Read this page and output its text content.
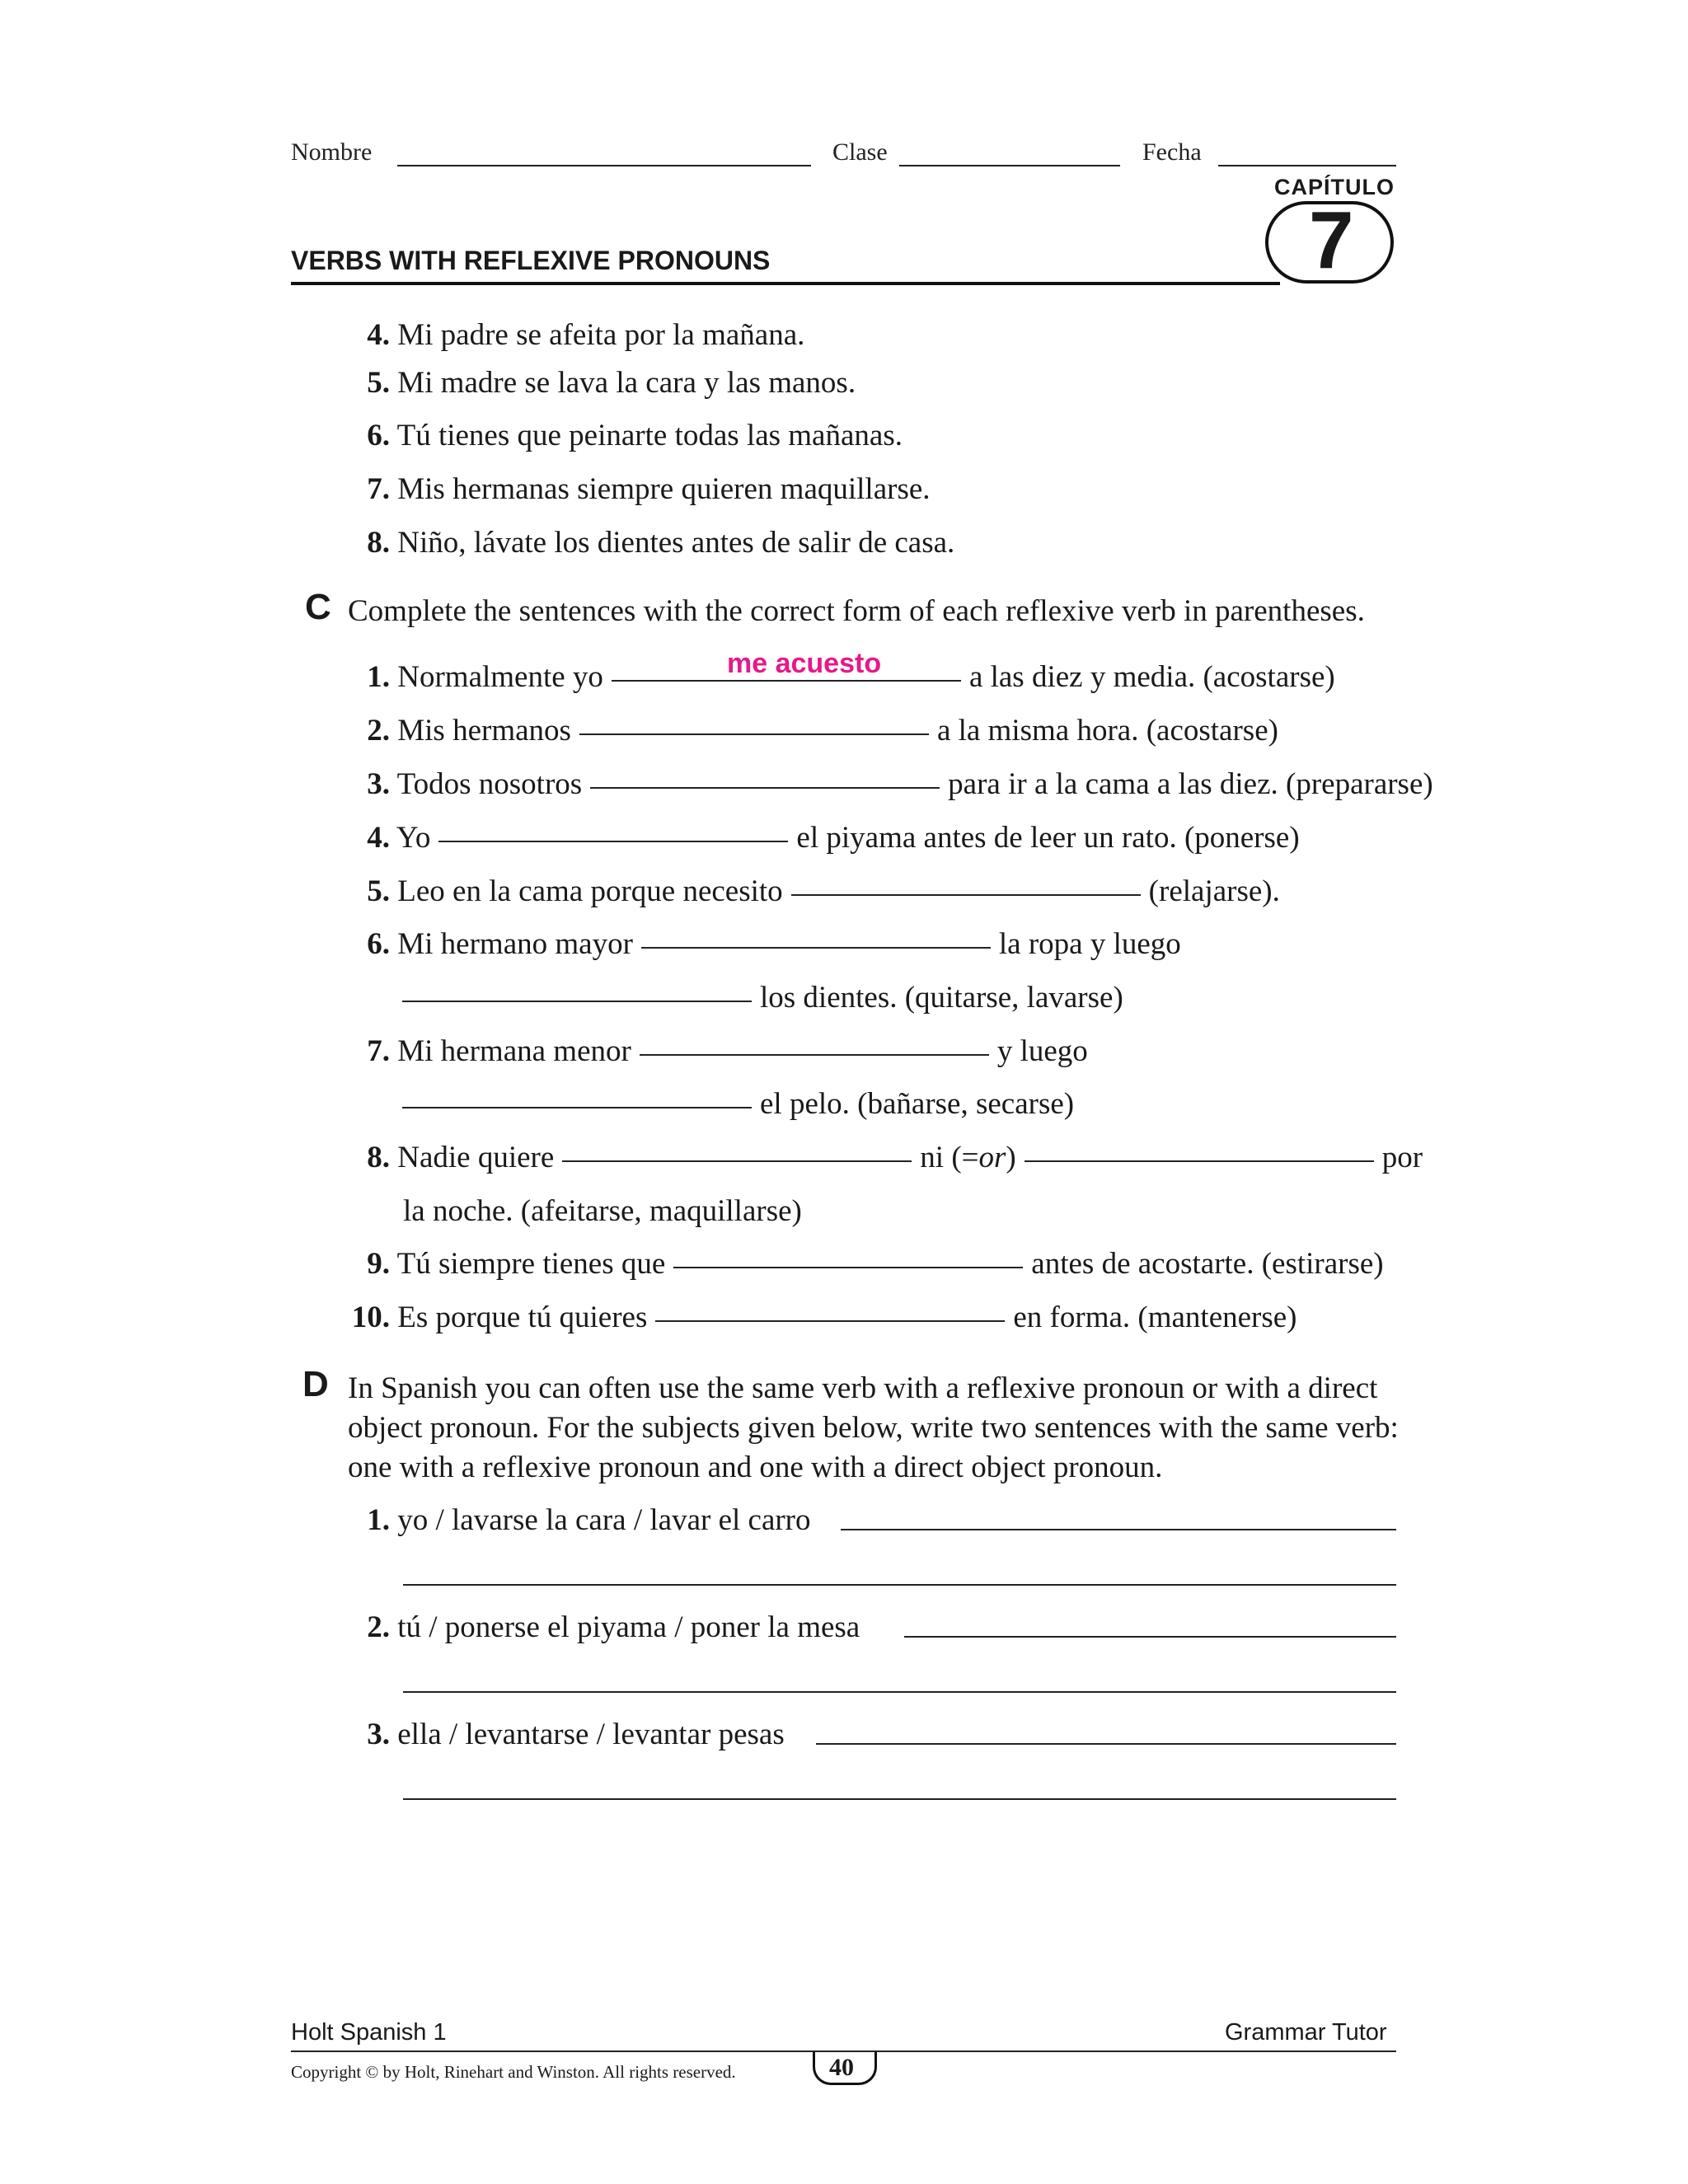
Nombre	Clase	Fecha
CAPÍTULO
7
VERBS WITH REFLEXIVE PRONOUNS
4. Mi padre se afeita por la mañana.
5. Mi madre se lava la cara y las manos.
6. Tú tienes que peinarte todas las mañanas.
7. Mis hermanas siempre quieren maquillarse.
8. Niño, lávate los dientes antes de salir de casa.
C Complete the sentences with the correct form of each reflexive verb in parentheses.
me acuesto
1. Normalmente yo	a las diez y media. (acostarse)
2. Mis hermanos	a la misma hora. (acostarse)
3. Todos nosotros	para ir a la cama a las diez. (prepararse)
4. Yo	el piyama antes de leer un rato. (ponerse)
5. Leo en la cama porque necesito	(relajarse).
6. Mi hermano mayor	la ropa y luego
los dientes. (quitarse, lavarse)
7. Mi hermana menor	y luego
el pelo. (bañarse, secarse)
8. Nadie quiere	ni (=or)	por
la noche. (afeitarse, maquillarse)
9. Tú siempre tienes que	antes de acostarte. (estirarse)
10. Es porque tú quieres	en forma. (mantenerse)
D In Spanish you can often use the same verb with a reflexive pronoun or with a direct
object pronoun. For the subjects given below, write two sentences with the same verb:
one with a reflexive pronoun and one with a direct object pronoun.
1. yo / lavarse la cara / lavar el carro
2. tú / ponerse el piyama / poner la mesa
3. ella / levantarse / levantar pesas
Holt Spanish 1	Grammar Tutor
Copyright © by Holt, Rinehart and Winston. All rights reserved.	40
